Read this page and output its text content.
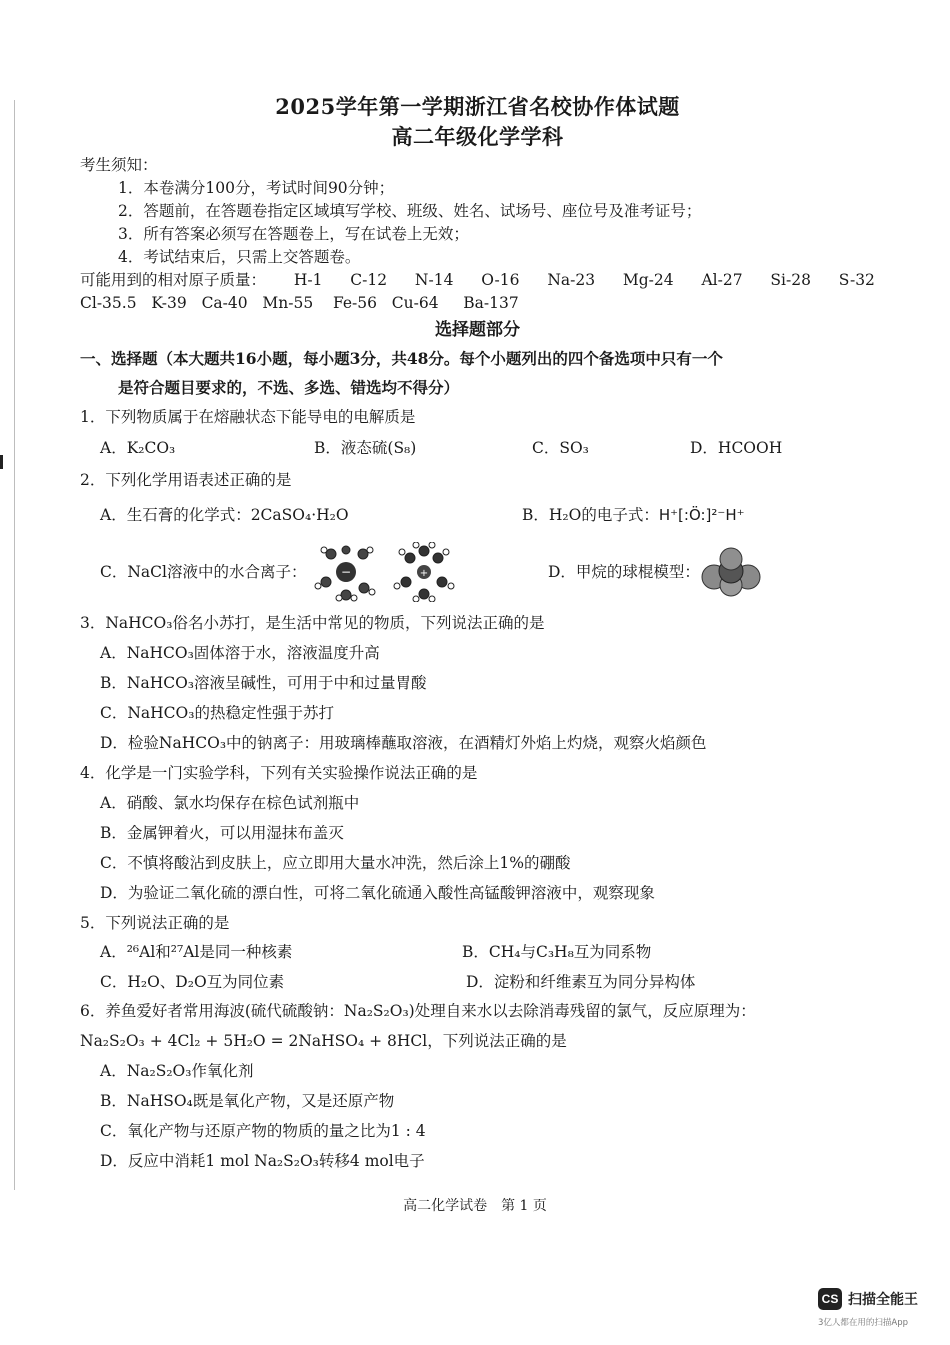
2025学年第一学期浙江省名校协作体试题
高二年级化学学科
考生须知：
1．本卷满分100分，考试时间90分钟；
2．答题前，在答题卷指定区域填写学校、班级、姓名、试场号、座位号及准考证号；
3．所有答案必须写在答题卷上，写在试卷上无效；
4．考试结束后，只需上交答题卷。
可能用到的相对原子质量： H-1 C-12 N-14 O-16 Na-23 Mg-24 Al-27 Si-28 S-32
Cl-35.5 K-39 Ca-40 Mn-55 Fe-56 Cu-64 Ba-137
选择题部分
一、选择题（本大题共16小题，每小题3分，共48分。每个小题列出的四个备选项中只有一个
是符合题目要求的，不选、多选、错选均不得分）
1．下列物质属于在熔融状态下能导电的电解质是
A．K₂CO₃	B．液态硫(S₈)	C．SO₃	D．HCOOH
2．下列化学用语表述正确的是
A．生石膏的化学式：2CaSO₄·H₂O	B．H₂O的电子式： H⁺[:Ö:]²⁻H⁺
C．NaCl溶液中的水合离子：	−	+	D．甲烷的球棍模型：
3．NaHCO₃俗名小苏打，是生活中常见的物质，下列说法正确的是
A．NaHCO₃固体溶于水，溶液温度升高
B．NaHCO₃溶液呈碱性，可用于中和过量胃酸
C．NaHCO₃的热稳定性强于苏打
D．检验NaHCO₃中的钠离子：用玻璃棒蘸取溶液，在酒精灯外焰上灼烧，观察火焰颜色
4．化学是一门实验学科，下列有关实验操作说法正确的是
A．硝酸、氯水均保存在棕色试剂瓶中
B．金属钾着火，可以用湿抹布盖灭
C．不慎将酸沾到皮肤上，应立即用大量水冲洗，然后涂上1%的硼酸
D．为验证二氧化硫的漂白性，可将二氧化硫通入酸性高锰酸钾溶液中，观察现象
5．下列说法正确的是
A．²⁶Al和²⁷Al是同一种核素	B．CH₄与C₃H₈互为同系物
C．H₂O、D₂O互为同位素	D．淀粉和纤维素互为同分异构体
6．养鱼爱好者常用海波(硫代硫酸钠：Na₂S₂O₃)处理自来水以去除消毒残留的氯气，反应原理为：
Na₂S₂O₃ + 4Cl₂ + 5H₂O = 2NaHSO₄ + 8HCl，下列说法正确的是
A．Na₂S₂O₃作氧化剂
B．NaHSO₄既是氧化产物，又是还原产物
C．氧化产物与还原产物的物质的量之比为1 : 4
D．反应中消耗1 mol Na₂S₂O₃转移4 mol电子
高二化学试卷　第 1 页
CS 扫描全能王
3亿人都在用的扫描App
